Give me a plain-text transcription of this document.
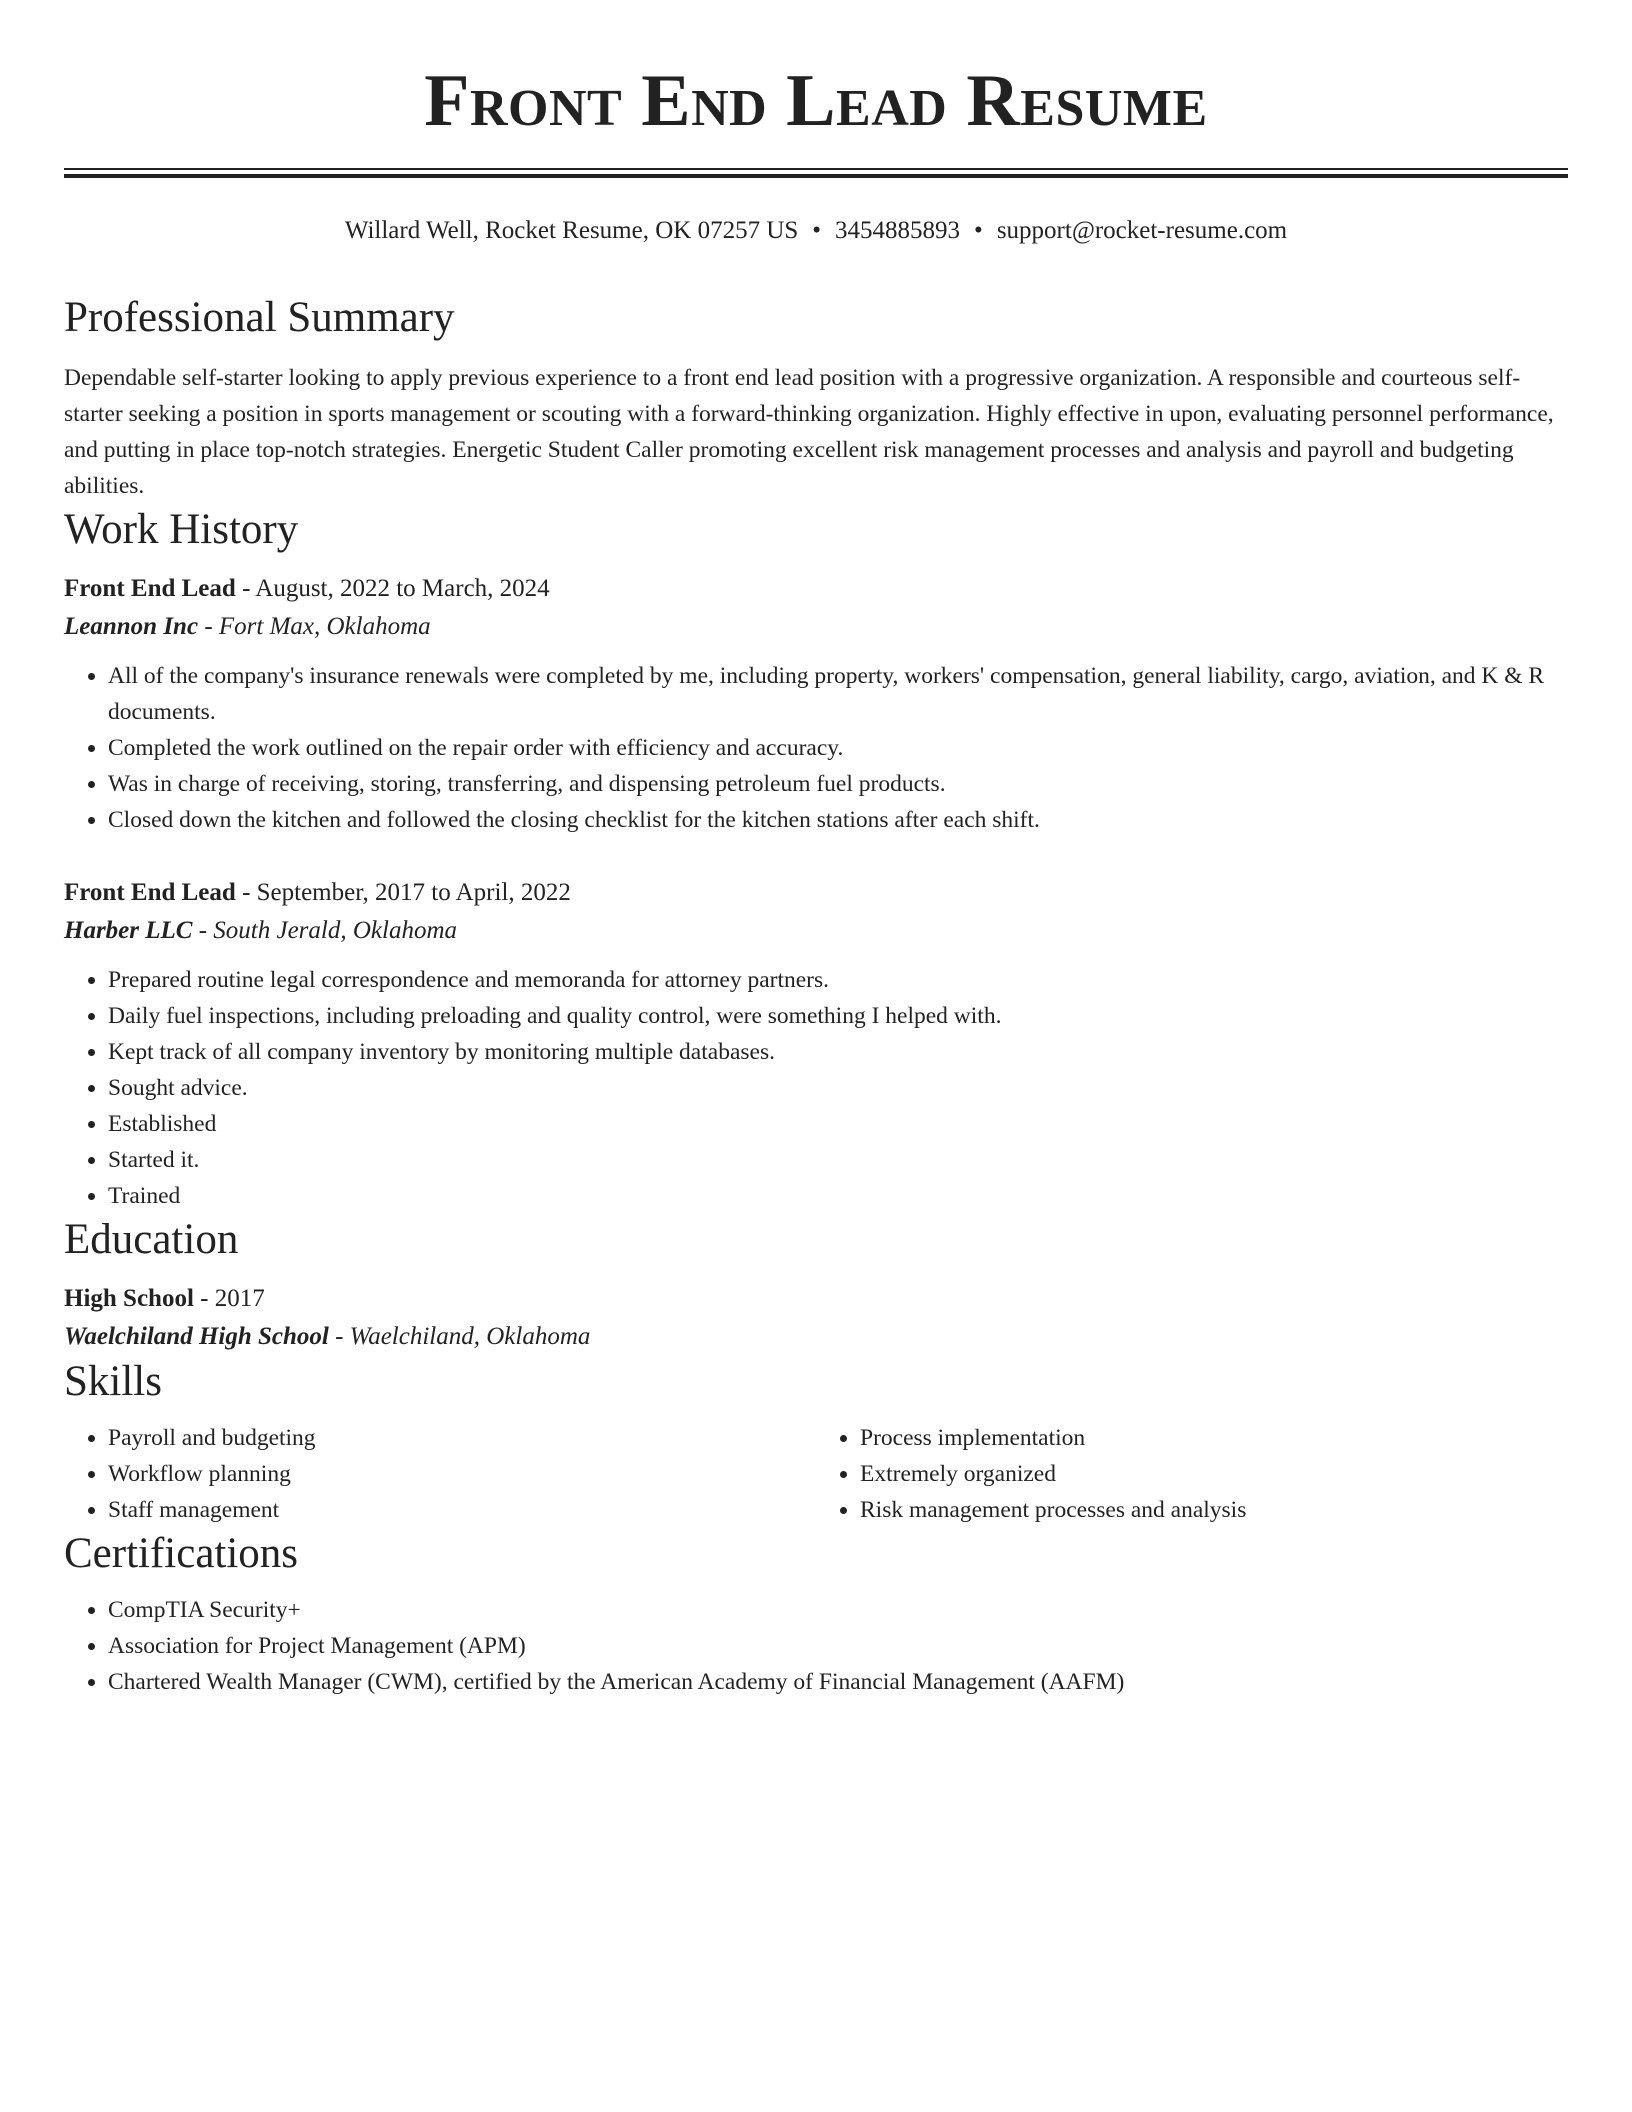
Front End Lead Resume
Willard Well, Rocket Resume, OK 07257 US • 3454885893 • support@rocket-resume.com
Professional Summary
Dependable self-starter looking to apply previous experience to a front end lead position with a progressive organization. A responsible and courteous self-starter seeking a position in sports management or scouting with a forward-thinking organization. Highly effective in upon, evaluating personnel performance, and putting in place top-notch strategies. Energetic Student Caller promoting excellent risk management processes and analysis and payroll and budgeting abilities.
Work History
Front End Lead - August, 2022 to March, 2024
Leannon Inc - Fort Max, Oklahoma
• All of the company's insurance renewals were completed by me, including property, workers' compensation, general liability, cargo, aviation, and K & R documents.
• Completed the work outlined on the repair order with efficiency and accuracy.
• Was in charge of receiving, storing, transferring, and dispensing petroleum fuel products.
• Closed down the kitchen and followed the closing checklist for the kitchen stations after each shift.
Front End Lead - September, 2017 to April, 2022
Harber LLC - South Jerald, Oklahoma
• Prepared routine legal correspondence and memoranda for attorney partners.
• Daily fuel inspections, including preloading and quality control, were something I helped with.
• Kept track of all company inventory by monitoring multiple databases.
• Sought advice.
• Established
• Started it.
• Trained
Education
High School - 2017
Waelchiland High School - Waelchiland, Oklahoma
Skills
• Payroll and budgeting
• Workflow planning
• Staff management
• Process implementation
• Extremely organized
• Risk management processes and analysis
Certifications
• CompTIA Security+
• Association for Project Management (APM)
• Chartered Wealth Manager (CWM), certified by the American Academy of Financial Management (AAFM)
